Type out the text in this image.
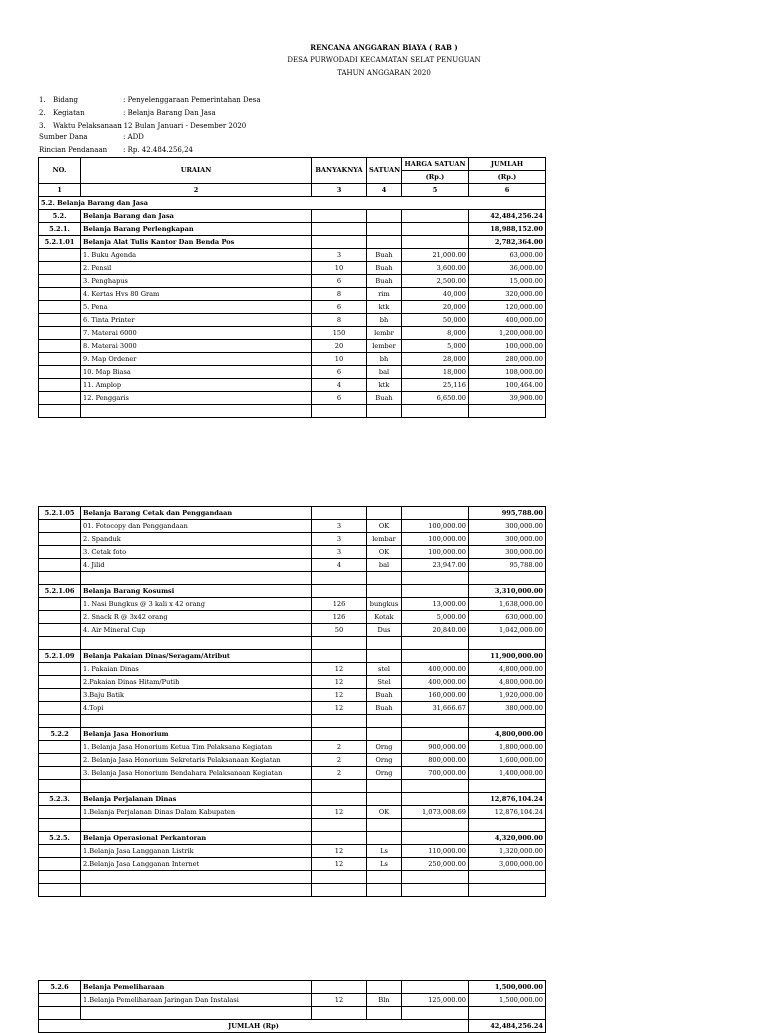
RENCANA ANGGARAN BIAYA ( RAB )
DESA PURWODADI KECAMATAN SELAT PENUGUAN
TAHUN ANGGARAN 2020
1. Bidang	: Penyelenggaraan Pemerintahan Desa
2. Kegiatan	: Belanja Barang Dan Jasa
3. Waktu Pelaksanaan
: 12 Bulan Januari - Desember 2020
Sumber Dana	: ADD
Rincian Pendanaan : Rp. 42.484.256,24
NO.	URAIAN	BANYAKNYA	SATUAN	HARGA SATUAN	JUMLAH
				(Rp.)	(Rp.)
1	2	3	4	5	6
5.2. Belanja Barang dan Jasa					
5.2.	Belanja Barang dan Jasa				42,484,256.24
5.2.1.	Belanja Barang Perlengkapan				18,988,152.00
5.2.1.01	Belanja Alat Tulis Kantor Dan Benda Pos				2,782,364.00
	1. Buku Agenda	3	Buah	21,000.00	63,000.00
	2. Pensil	10	Buah	3,600.00	36,000.00
	3. Penghapus	6	Buah	2,500.00	15,000.00
	4. Kertas Hvs 80 Gram	8	rim	40,000	320,000.00
	5. Pena	6	ktk	20,000	120,000.00
	6. Tinta Printer	8	bh	50,000	400,000.00
	7. Materai 6000	150	lembr	8,000	1,200,000.00
	8. Materai 3000	20	lember	5,000	100,000.00
	9. Map Ordener	10	bh	28,000	280,000.00
	10. Map Biasa	6	bal	18,000	108,000.00
	11. Amplop	4	ktk	25,116	100,464.00
	12. Penggaris	6	Buah	6,650.00	39,900.00

5.2.1.05	Belanja Barang Cetak dan Penggandaan				995,788.00
	01. Fotocopy dan Penggandaan	3	OK	100,000.00	300,000.00
	2. Spanduk	3	lembar	100,000.00	300,000.00
	3. Cetak foto	3	OK	100,000.00	300,000.00
	4. Jilid	4	bal	23,947.00	95,788.00

5.2.1.06	Belanja Barang Kosumsi				3,310,000.00
	1. Nasi Bungkus @ 3 kali x 42 orang	126	bungkus	13,000.00	1,638,000.00
	2. Snack R @ 3x42 orang	126	Kotak	5,000.00	630,000.00
	4. Air Mineral Cup	50	Dus	20,840.00	1,042,000.00

5.2.1.09	Belanja Pakaian Dinas/Seragam/Atribut				11,900,000.00
	1. Pakaian Dinas	12	stel	400,000.00	4,800,000.00
	2.Pakaian Dinas Hitam/Putih	12	Stel	400,000.00	4,800,000.00
	3.Baju Batik	12	Buah	160,000.00	1,920,000.00
	4.Topi	12	Buah	31,666.67	380,000.00

5.2.2	Belanja Jasa Honorium				4,800,000.00
	1. Belanja Jasa Honorium Ketua Tim Pelaksana Kegiatan	2	Orng	900,000.00	1,800,000.00
	2. Belanja Jasa Honorium Sekretaris Pelaksanaan Kegiatan	2	Orng	800,000.00	1,600,000.00
	3. Belanja Jasa Honorium Bendahara Pelaksanaan Kegiatan	2	Orng	700,000.00	1,400,000.00

5.2.3.	Belanja Perjalanan Dinas				12,876,104.24
	1.Belanja Perjalanan Dinas Dalam Kabupaten	12	OK	1,073,008.69	12,876,104.24

5.2.5.	Belanja Operasional Perkantoran				4,320,000.00
	1.Belanja Jasa Langganan Listrik	12	Ls	110,000.00	1,320,000.00
	2.Belanja Jasa Langganan Internet	12	Ls	250,000.00	3,000,000.00

5.2.6	Belanja Pemeliharaan				1,500,000.00
	1.Belanja Pemeliharaan Jaringan Dan Instalasi	12	Bln	125,000.00	1,500,000.00

JUMLAH (Rp)					42,484,256.24
